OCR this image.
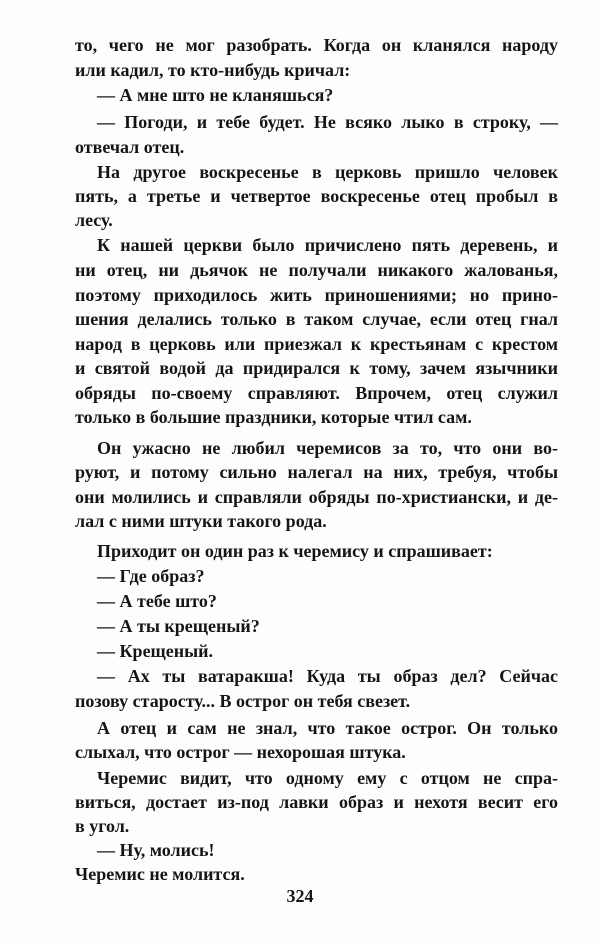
то, чего не мог разобрать. Когда он кланялся народу
или кадил, то кто-нибудь кричал:
— А мне што не кланяшься?
— Погоди, и тебе будет. Не всяко лыко в строку, —
отвечал отец.
На другое воскресенье в церковь пришло человек
пять, а третье и четвертое воскресенье отец пробыл в
лесу.
К нашей церкви было причислено пять деревень, и
ни отец, ни дьячок не получали никакого жалованья,
поэтому приходилось жить приношениями; но прино-
шения делались только в таком случае, если отец гнал
народ в церковь или приезжал к крестьянам с крестом
и святой водой да придирался к тому, зачем язычники
обряды по-своему справляют. Впрочем, отец служил
только в большие праздники, которые чтил сам.
Он ужасно не любил черемисов за то, что они во-
руют, и потому сильно налегал на них, требуя, чтобы
они молились и справляли обряды по-христиански, и де-
лал с ними штуки такого рода.
Приходит он один раз к черемису и спрашивает:
— Где образ?
— А тебе што?
— А ты крещеный?
— Крещеный.
— Ах ты ватаракша! Куда ты образ дел? Сейчас
позову старосту... В острог он тебя свезет.
А отец и сам не знал, что такое острог. Он только
слыхал, что острог — нехорошая штука.
Черемис видит, что одному ему с отцом не спра-
виться, достает из-под лавки образ и нехотя весит его
в угол.
— Ну, молись!
Черемис не молится.
324
